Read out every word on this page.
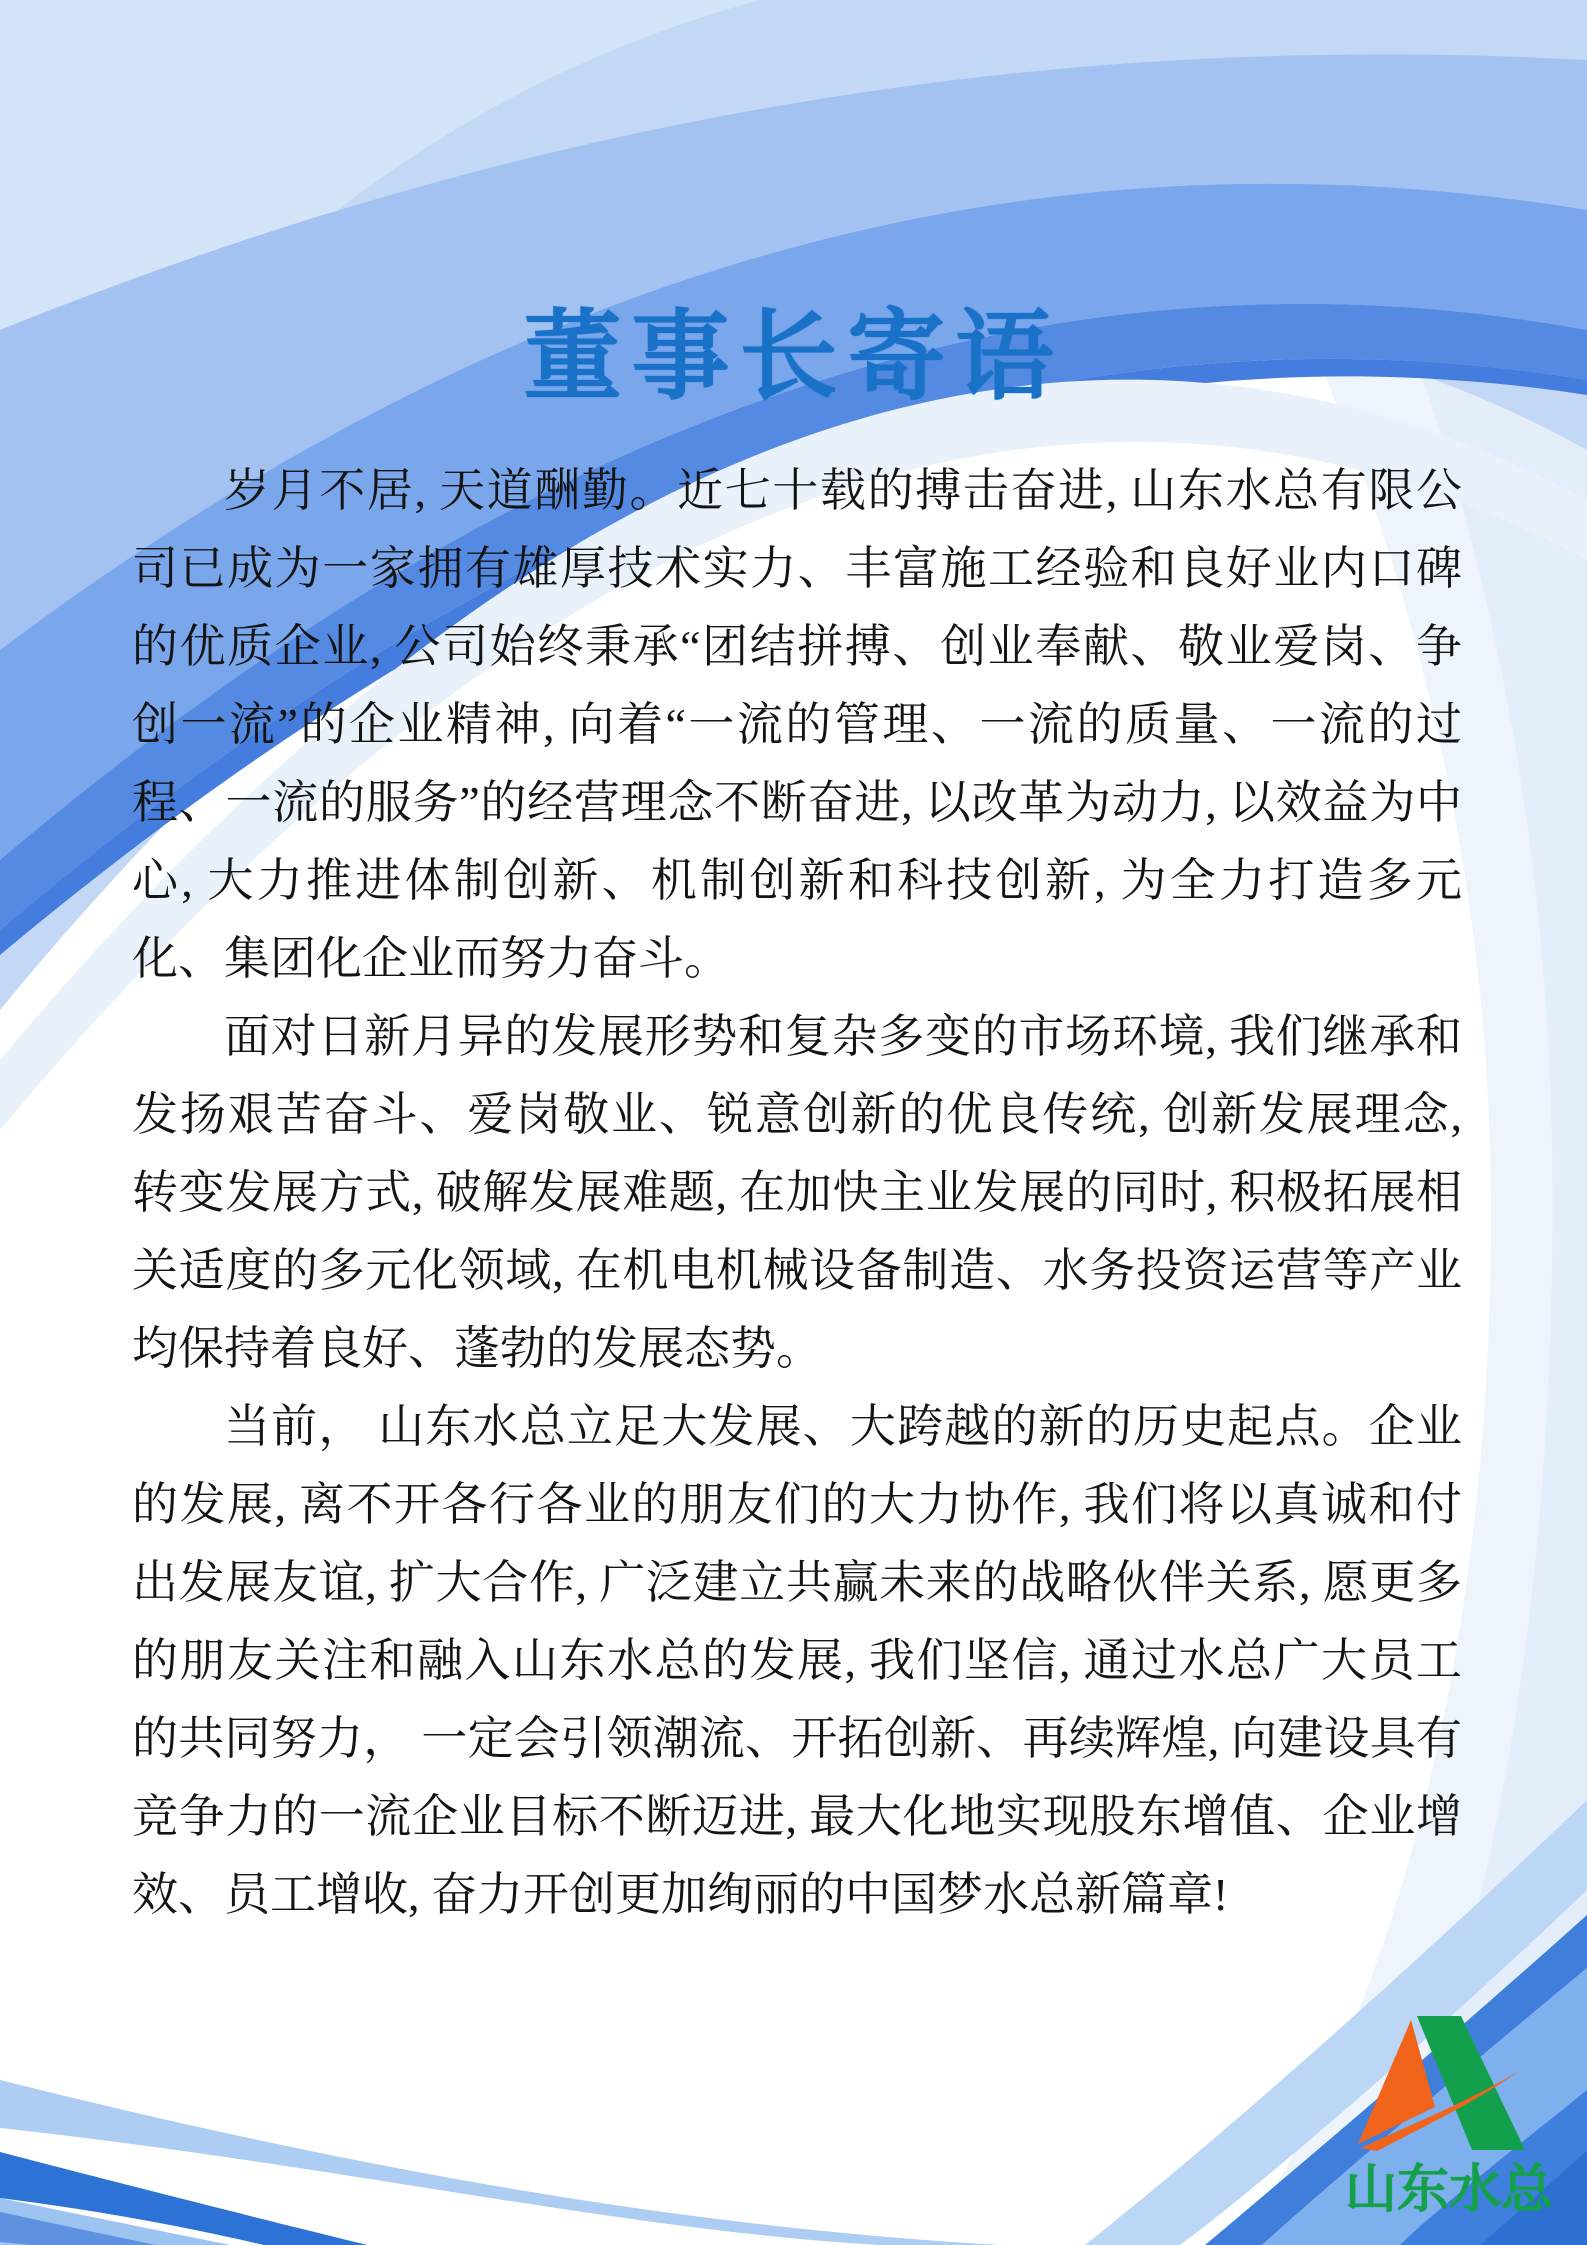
董事长寄语

岁月不居, 天道酬勤。近七十载的搏击奋进, 山东水总有限公司已成为一家拥有雄厚技术实力、丰富施工经验和良好业内口碑的优质企业, 公司始终秉承“团结拼搏、创业奉献、敬业爱岗、争创一流”的企业精神, 向着“一流的管理、一流的质量、一流的过程、一流的服务”的经营理念不断奋进, 以改革为动力, 以效益为中心, 大力推进体制创新、机制创新和科技创新, 为全力打造多元化、集团化企业而努力奋斗。

面对日新月异的发展形势和复杂多变的市场环境, 我们继承和发扬艰苦奋斗、爱岗敬业、锐意创新的优良传统, 创新发展理念, 转变发展方式, 破解发展难题, 在加快主业发展的同时, 积极拓展相关适度的多元化领域, 在机电机械设备制造、水务投资运营等产业均保持着良好、蓬勃的发展态势。

当前， 山东水总立足大发展、大跨越的新的历史起点。企业的发展, 离不开各行各业的朋友们的大力协作, 我们将以真诚和付出发展友谊, 扩大合作, 广泛建立共赢未来的战略伙伴关系, 愿更多的朋友关注和融入山东水总的发展, 我们坚信, 通过水总广大员工的共同努力， 一定会引领潮流、开拓创新、再续辉煌, 向建设具有竞争力的一流企业目标不断迈进, 最大化地实现股东增值、企业增效、员工增收, 奋力开创更加绚丽的中国梦水总新篇章!

山东水总
